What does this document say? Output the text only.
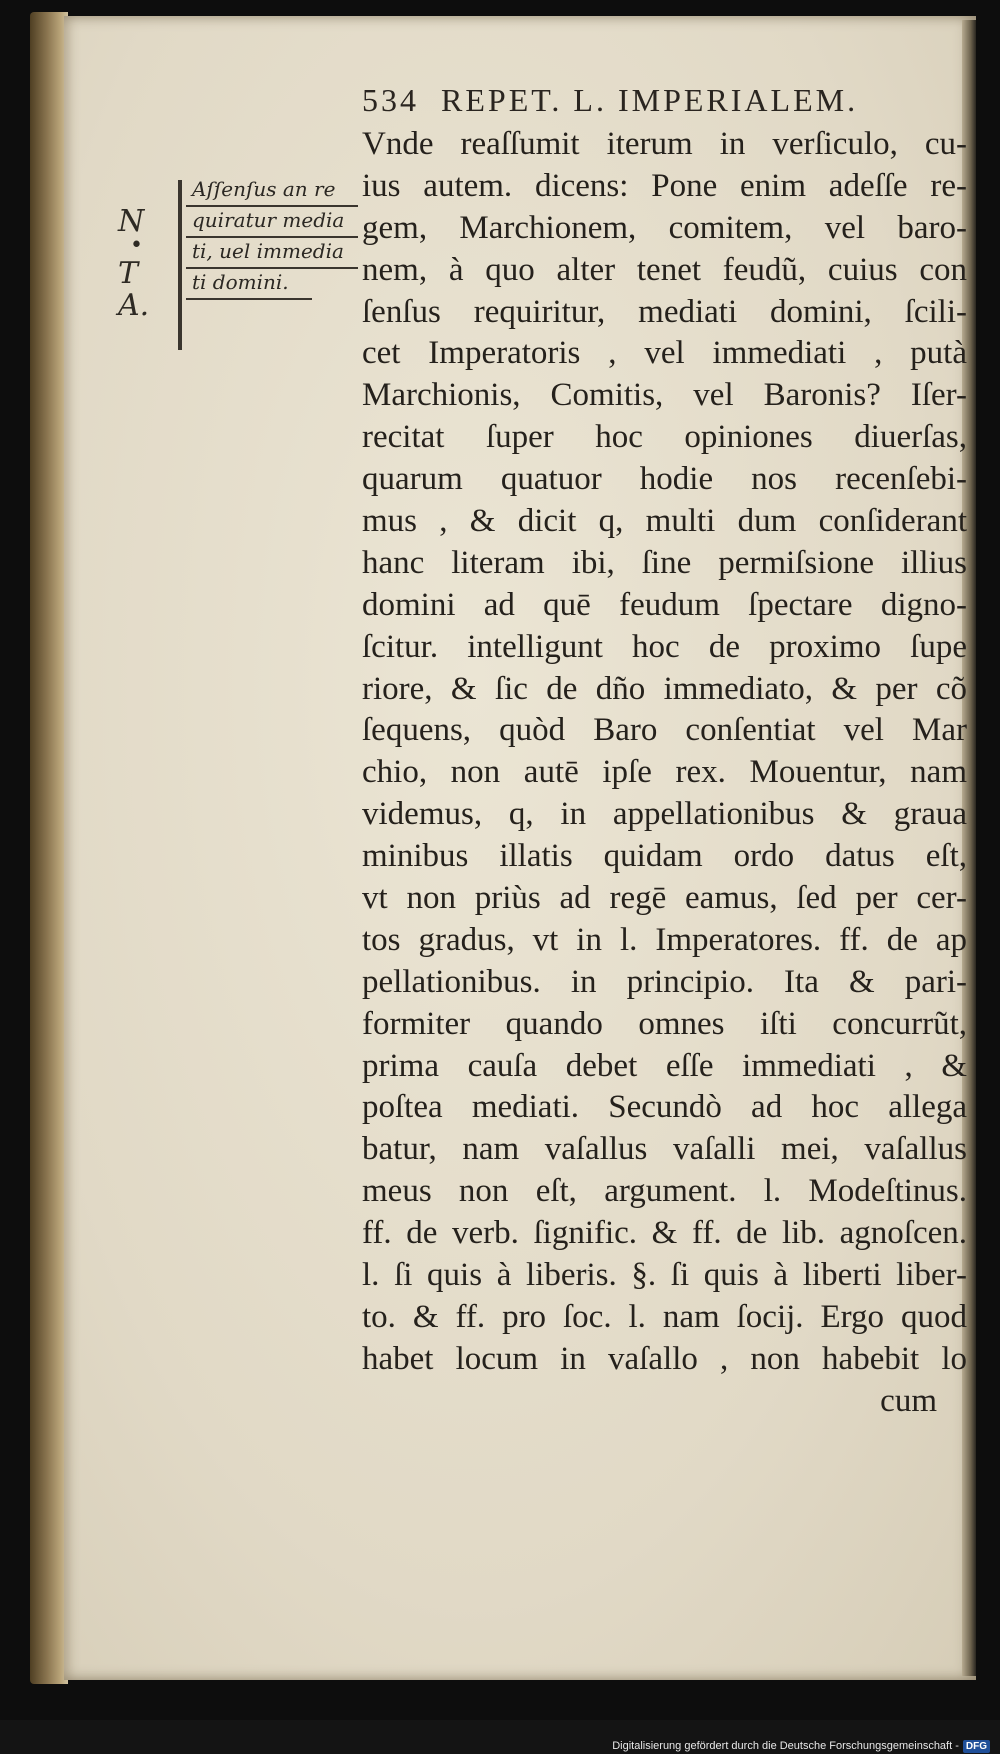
534 REPET. L. IMPERIALEM.
Vnde reaſſumit iterum in verſiculo, cu-
ius autem. dicens: Pone enim adeſſe re-
gem, Marchionem, comitem, vel baro-
nem, à quo alter tenet feudũ, cuius con
ſenſus requiritur, mediati domini, ſcili-
cet Imperatoris , vel immediati , putà
Marchionis, Comitis, vel Baronis? Iſer-
recitat ſuper hoc opiniones diuerſas,
quarum quatuor hodie nos recenſebi-
mus , & dicit q, multi dum conſiderant
hanc literam ibi, ſine permiſsione illius
domini ad quē feudum ſpectare digno-
ſcitur. intelligunt hoc de proximo ſupe
riore, & ſic de dño immediato, & per cõ
ſequens, quòd Baro conſentiat vel Mar
chio, non autē ipſe rex. Mouentur, nam
videmus, q, in appellationibus & graua
minibus illatis quidam ordo datus eſt,
vt non priùs ad regē eamus, ſed per cer-
tos gradus, vt in l. Imperatores. ff. de ap
pellationibus. in principio. Ita & pari-
formiter quando omnes iſti concurrũt,
prima cauſa debet eſſe immediati , &
poſtea mediati. Secundò ad hoc allega
batur, nam vaſallus vaſalli mei, vaſallus
meus non eſt, argument. l. Modeſtinus.
ff. de verb. ſignific. & ff. de lib. agnoſcen.
l. ſi quis à liberis. §. ſi quis à liberti liber-
to. & ff. pro ſoc. l. nam ſocij. Ergo quod
habet locum in vaſallo , non habebit lo
cum
Aſſenſus an re
quiratur media
ti, uel immedia
ti domini.
N
•
T
A.
Digitalisierung gefördert durch die Deutsche Forschungsgemeinschaft - DFG
